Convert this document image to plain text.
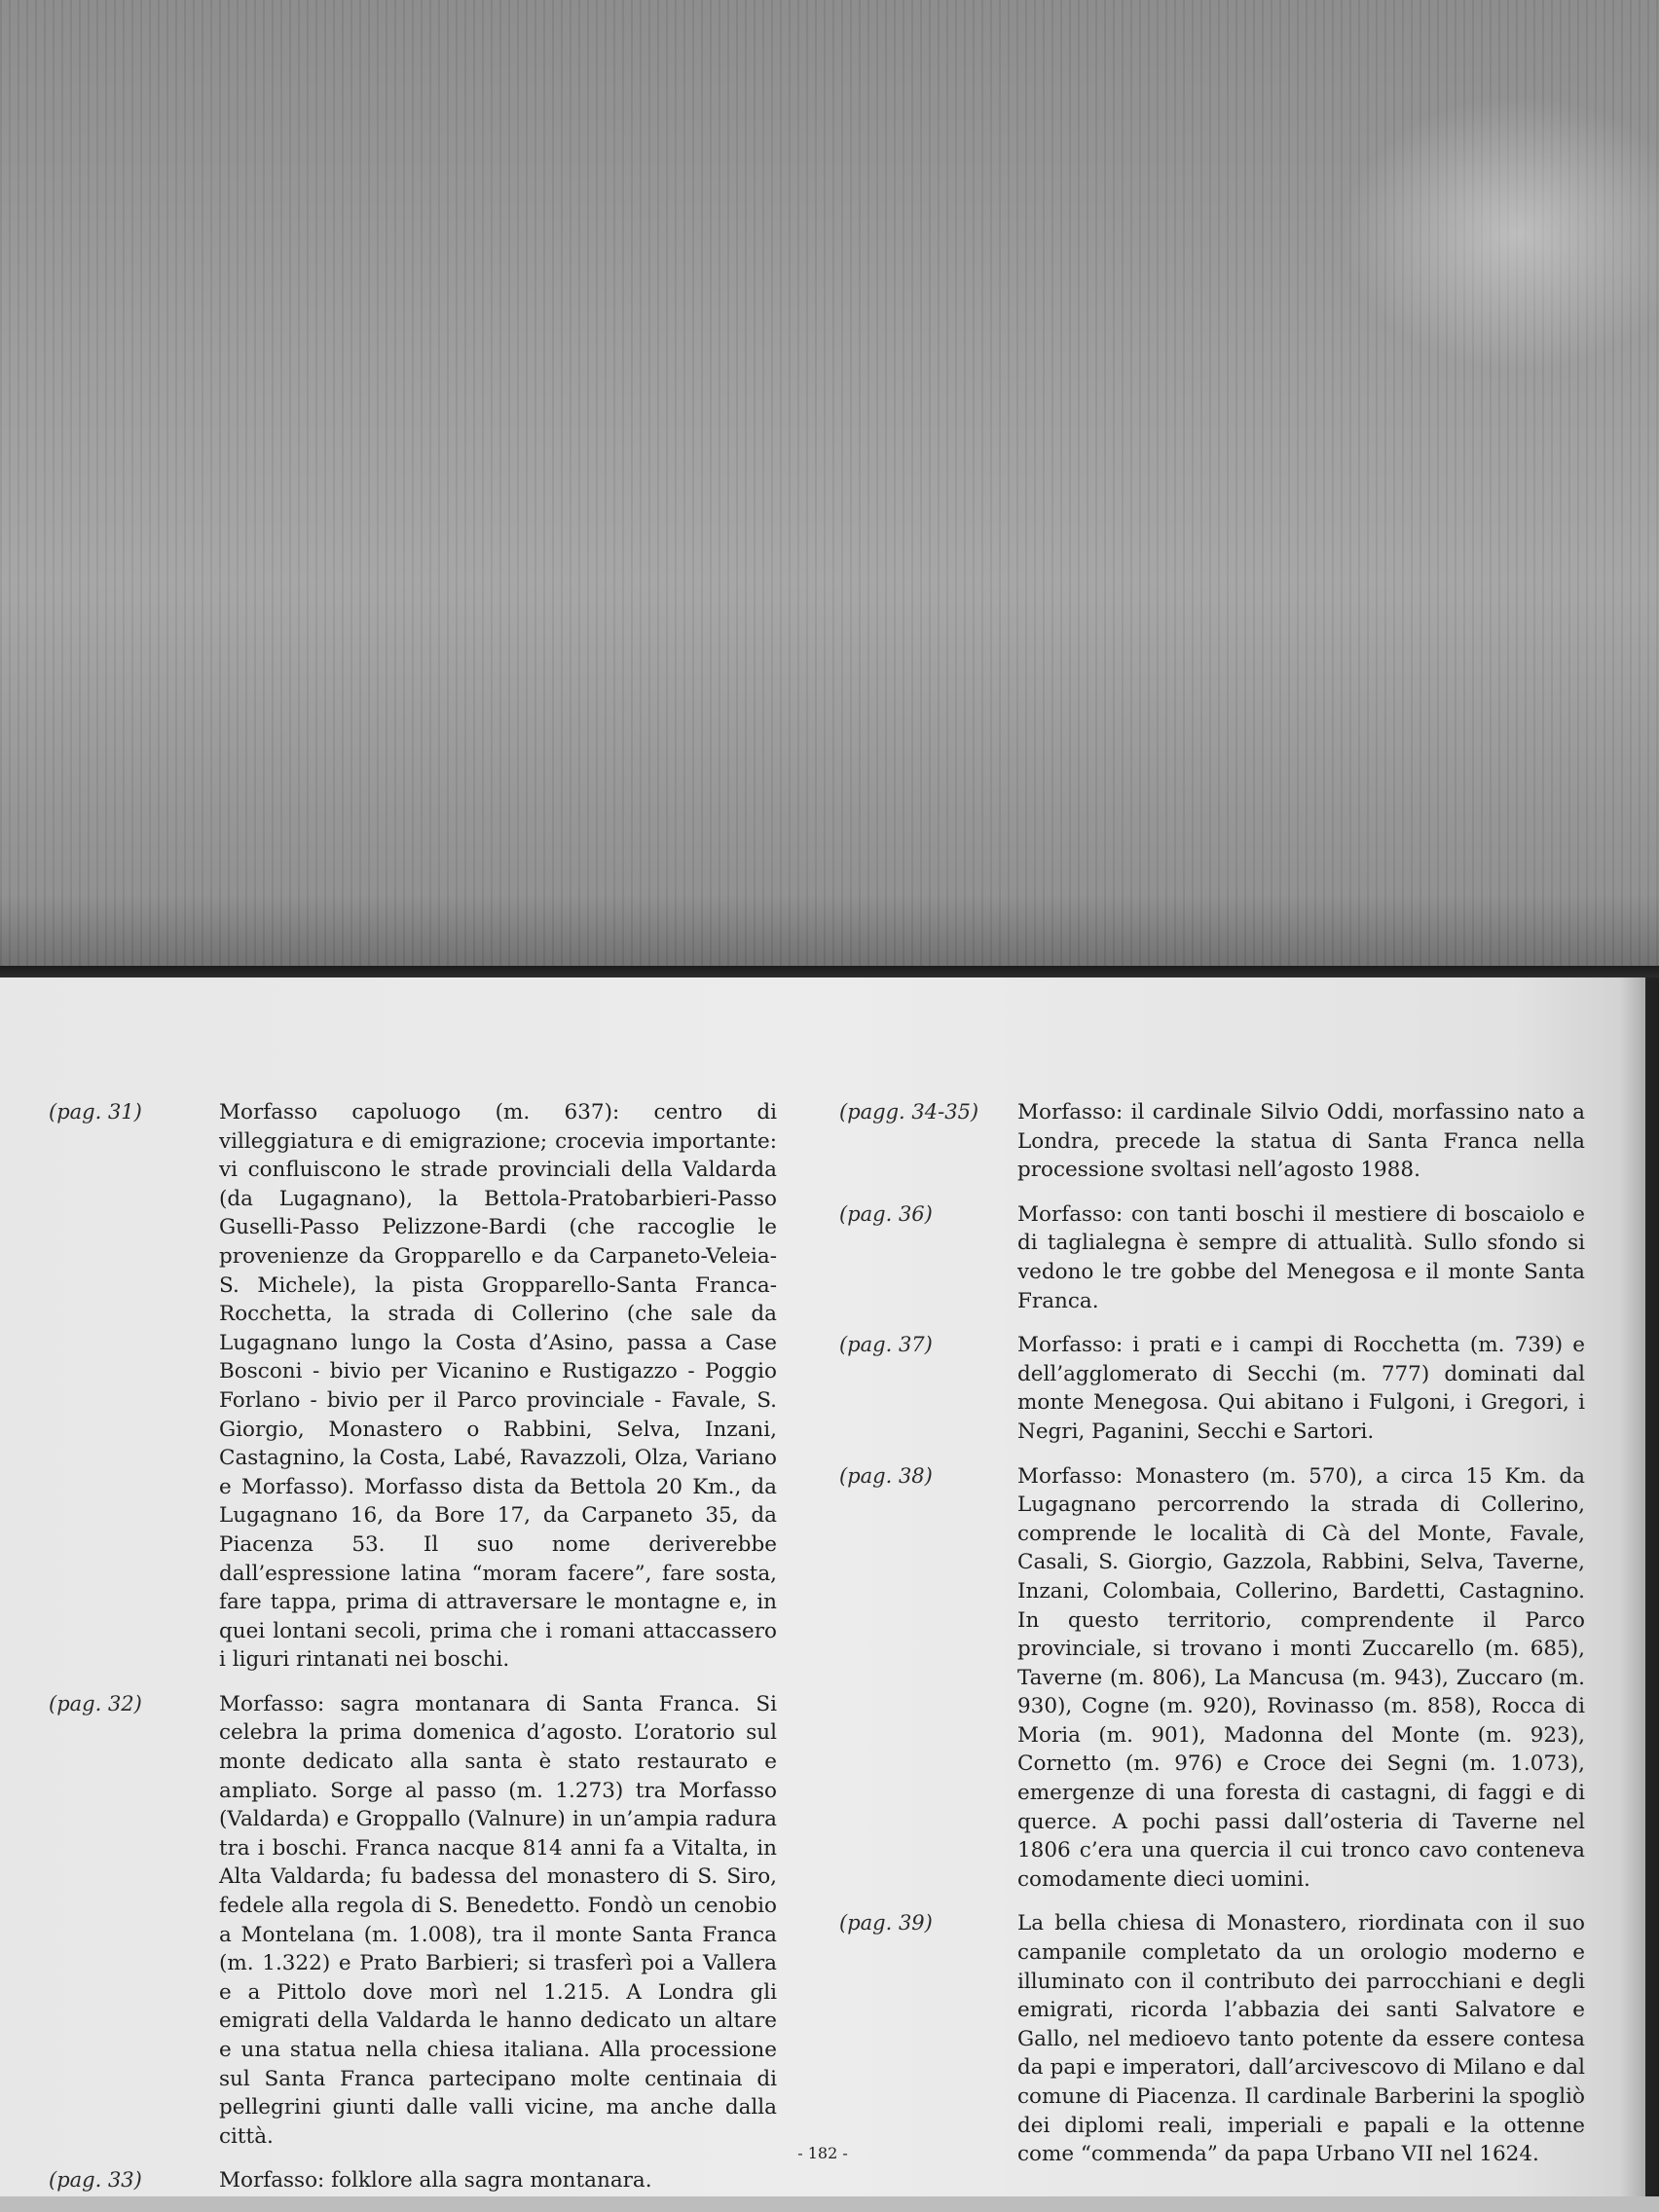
(pag. 31)	Morfasso capoluogo (m. 637): centro di villeggiatura e di emigrazione; crocevia importante: vi confluiscono le strade provinciali della Valdarda (da Lugagnano), la Bettola-Pratobarbieri-Passo Guselli-Passo Pelizzone-Bardi (che raccoglie le provenienze da Gropparello e da Carpaneto-Veleia-S. Michele), la pista Gropparello-Santa Franca-Rocchetta, la strada di Collerino (che sale da Lugagnano lungo la Costa d’Asino, passa a Case Bosconi - bivio per Vicanino e Rustigazzo - Poggio Forlano - bivio per il Parco provinciale - Favale, S. Giorgio, Monastero o Rabbini, Selva, Inzani, Castagnino, la Costa, Labé, Ravazzoli, Olza, Variano e Morfasso). Morfasso dista da Bettola 20 Km., da Lugagnano 16, da Bore 17, da Carpaneto 35, da Piacenza 53. Il suo nome deriverebbe dall’espressione latina “moram facere”, fare sosta, fare tappa, prima di attraversare le montagne e, in quei lontani secoli, prima che i romani attaccassero i liguri rintanati nei boschi.
(pag. 32)	Morfasso: sagra montanara di Santa Franca. Si celebra la prima domenica d’agosto. L’oratorio sul monte dedicato alla santa è stato restaurato e ampliato. Sorge al passo (m. 1.273) tra Morfasso (Valdarda) e Groppallo (Valnure) in un’ampia radura tra i boschi. Franca nacque 814 anni fa a Vitalta, in Alta Valdarda; fu badessa del monastero di S. Siro, fedele alla regola di S. Benedetto. Fondò un cenobio a Montelana (m. 1.008), tra il monte Santa Franca (m. 1.322) e Prato Barbieri; si trasferì poi a Vallera e a Pittolo dove morì nel 1.215. A Londra gli emigrati della Valdarda le hanno dedicato un altare e una statua nella chiesa italiana. Alla processione sul Santa Franca partecipano molte centinaia di pellegrini giunti dalle valli vicine, ma anche dalla città.
(pag. 33)	Morfasso: folklore alla sagra montanara.
(pagg. 34-35)	Morfasso: il cardinale Silvio Oddi, morfassino nato a Londra, precede la statua di Santa Franca nella processione svoltasi nell’agosto 1988.
(pag. 36)	Morfasso: con tanti boschi il mestiere di boscaiolo e di taglialegna è sempre di attualità. Sullo sfondo si vedono le tre gobbe del Menegosa e il monte Santa Franca.
(pag. 37)	Morfasso: i prati e i campi di Rocchetta (m. 739) e dell’agglomerato di Secchi (m. 777) dominati dal monte Menegosa. Qui abitano i Fulgoni, i Gregori, i Negri, Paganini, Secchi e Sartori.
(pag. 38)	Morfasso: Monastero (m. 570), a circa 15 Km. da Lugagnano percorrendo la strada di Collerino, comprende le località di Cà del Monte, Favale, Casali, S. Giorgio, Gazzola, Rabbini, Selva, Taverne, Inzani, Colombaia, Collerino, Bardetti, Castagnino. In questo territorio, comprendente il Parco provinciale, si trovano i monti Zuccarello (m. 685), Taverne (m. 806), La Mancusa (m. 943), Zuccaro (m. 930), Cogne (m. 920), Rovinasso (m. 858), Rocca di Moria (m. 901), Madonna del Monte (m. 923), Cornetto (m. 976) e Croce dei Segni (m. 1.073), emergenze di una foresta di castagni, di faggi e di querce. A pochi passi dall’osteria di Taverne nel 1806 c’era una quercia il cui tronco cavo conteneva comodamente dieci uomini.
(pag. 39)	La bella chiesa di Monastero, riordinata con il suo campanile completato da un orologio moderno e illuminato con il contributo dei parrocchiani e degli emigrati, ricorda l’abbazia dei santi Salvatore e Gallo, nel medioevo tanto potente da essere contesa da papi e imperatori, dall’arcivescovo di Milano e dal comune di Piacenza. Il cardinale Barberini la spogliò dei diplomi reali, imperiali e papali e la ottenne come “commenda” da papa Urbano VII nel 1624.
- 182 -
